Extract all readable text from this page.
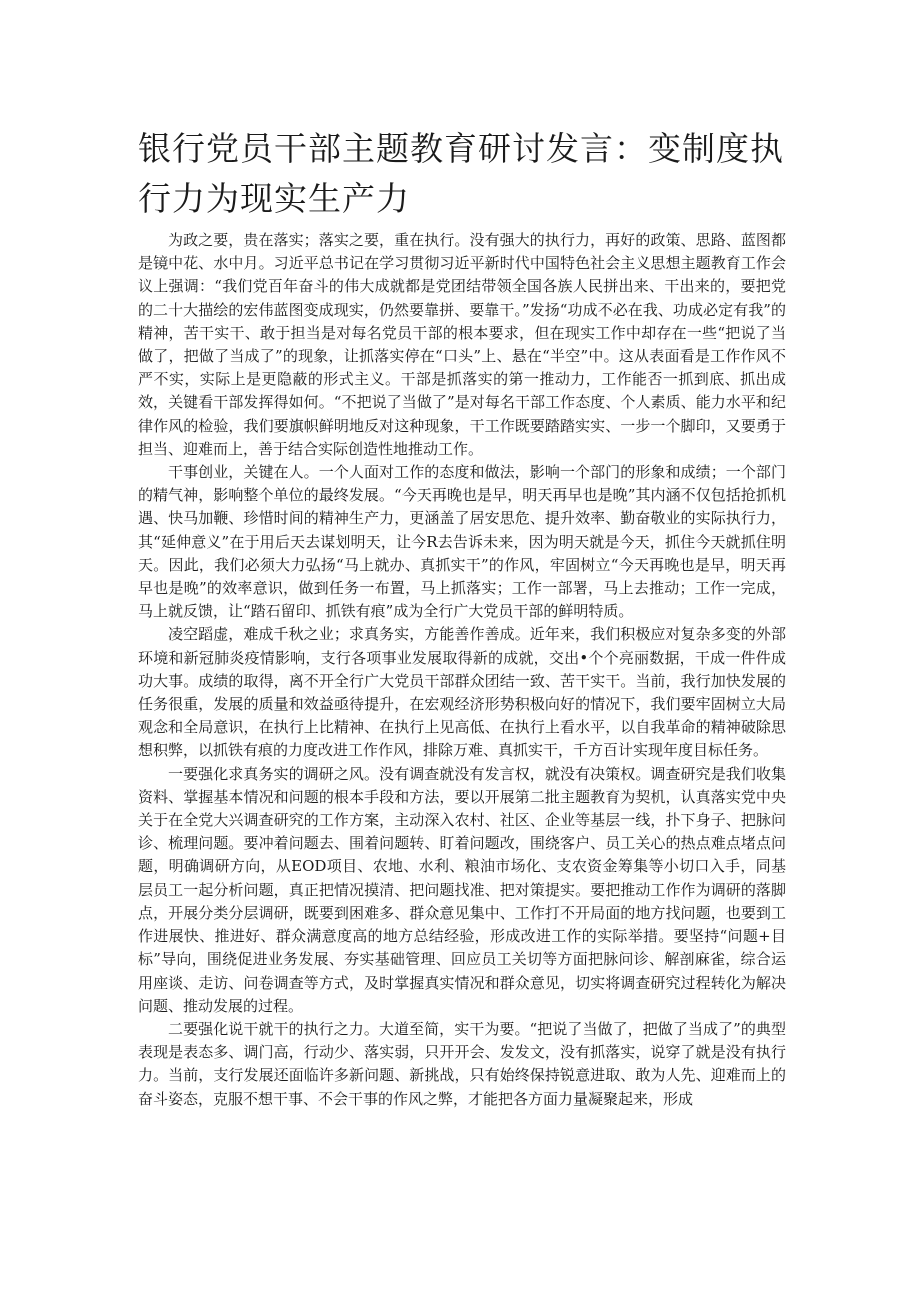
银行党员干部主题教育研讨发言：变制度执行力为现实生产力

为政之要，贵在落实；落实之要，重在执行。没有强大的执行力，再好的政策、思路、蓝图都是镜中花、水中月。习近平总书记在学习贯彻习近平新时代中国特色社会主义思想主题教育工作会议上强调：“我们党百年奋斗的伟大成就都是党团结带领全国各族人民拼出来、干出来的，要把党的二十大描绘的宏伟蓝图变成现实，仍然要靠拼、要靠干。”发扬“功成不必在我、功成必定有我”的精神，苦干实干、敢于担当是对每名党员干部的根本要求，但在现实工作中却存在一些“把说了当做了，把做了当成了”的现象，让抓落实停在“口头”上、悬在“半空”中。这从表面看是工作作风不严不实，实际上是更隐蔽的形式主义。干部是抓落实的第一推动力，工作能否一抓到底、抓出成效，关键看干部发挥得如何。“不把说了当做了”是对每名干部工作态度、个人素质、能力水平和纪律作风的检验，我们要旗帜鲜明地反对这种现象，干工作既要踏踏实实、一步一个脚印，又要勇于担当、迎难而上，善于结合实际创造性地推动工作。

干事创业，关键在人。一个人面对工作的态度和做法，影响一个部门的形象和成绩；一个部门的精气神，影响整个单位的最终发展。“今天再晚也是早，明天再早也是晚”其内涵不仅包括抢抓机遇、快马加鞭、珍惜时间的精神生产力，更涵盖了居安思危、提升效率、勤奋敬业的实际执行力，其“延伸意义”在于用后天去谋划明天，让今R去告诉未来，因为明天就是今天，抓住今天就抓住明天。因此，我们必须大力弘扬“马上就办、真抓实干”的作风，牢固树立“今天再晚也是早，明天再早也是晚”的效率意识，做到任务一布置，马上抓落实；工作一部署，马上去推动；工作一完成，马上就反馈，让“踏石留印、抓铁有痕”成为全行广大党员干部的鲜明特质。

凌空蹈虚，难成千秋之业；求真务实，方能善作善成。近年来，我们积极应对复杂多变的外部环境和新冠肺炎疫情影响，支行各项事业发展取得新的成就，交出•个个亮丽数据，干成一件件成功大事。成绩的取得，离不开全行广大党员干部群众团结一致、苦干实干。当前，我行加快发展的任务很重，发展的质量和效益亟待提升，在宏观经济形势积极向好的情况下，我们要牢固树立大局观念和全局意识，在执行上比精神、在执行上见高低、在执行上看水平，以自我革命的精神破除思想积弊，以抓铁有痕的力度改进工作作风，排除万难、真抓实干，千方百计实现年度目标任务。

一要强化求真务实的调研之风。没有调查就没有发言权，就没有决策权。调查研究是我们收集资料、掌握基本情况和问题的根本手段和方法，要以开展第二批主题教育为契机，认真落实党中央关于在全党大兴调查研究的工作方案，主动深入农村、社区、企业等基层一线，扑下身子、把脉问诊、梳理问题。要冲着问题去、围着问题转、盯着问题改，围绕客户、员工关心的热点难点堵点问题，明确调研方向，从EOD项目、农地、水利、粮油市场化、支农资金筹集等小切口入手，同基层员工一起分析问题，真正把情况摸清、把问题找准、把对策提实。要把推动工作作为调研的落脚点，开展分类分层调研，既要到困难多、群众意见集中、工作打不开局面的地方找问题，也要到工作进展快、推进好、群众满意度高的地方总结经验，形成改进工作的实际举措。要坚持“问题+目标”导向，围绕促进业务发展、夯实基础管理、回应员工关切等方面把脉问诊、解剖麻雀，综合运用座谈、走访、问卷调查等方式，及时掌握真实情况和群众意见，切实将调查研究过程转化为解决问题、推动发展的过程。

二要强化说干就干的执行之力。大道至简，实干为要。“把说了当做了，把做了当成了”的典型表现是表态多、调门高，行动少、落实弱，只开开会、发发文，没有抓落实，说穿了就是没有执行力。当前，支行发展还面临许多新问题、新挑战，只有始终保持锐意进取、敢为人先、迎难而上的奋斗姿态，克服不想干事、不会干事的作风之弊，才能把各方面力量凝聚起来，形成
